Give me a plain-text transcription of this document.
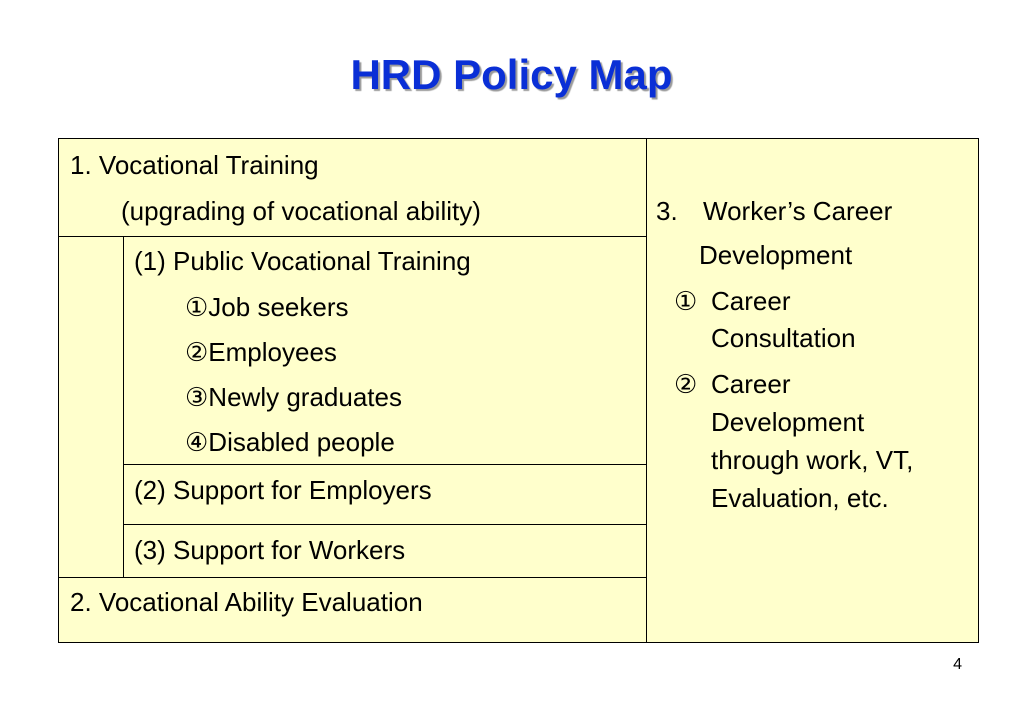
HRD Policy Map
1. Vocational Training
(upgrading of vocational ability)
(1) Public Vocational Training
①Job seekers
②Employees
③Newly graduates
④Disabled people
(2) Support for Employers
(3) Support for Workers
2. Vocational Ability Evaluation
3. Worker’s Career
Development
① Career
Consultation
② Career
Development
through work, VT,
Evaluation, etc.
4
